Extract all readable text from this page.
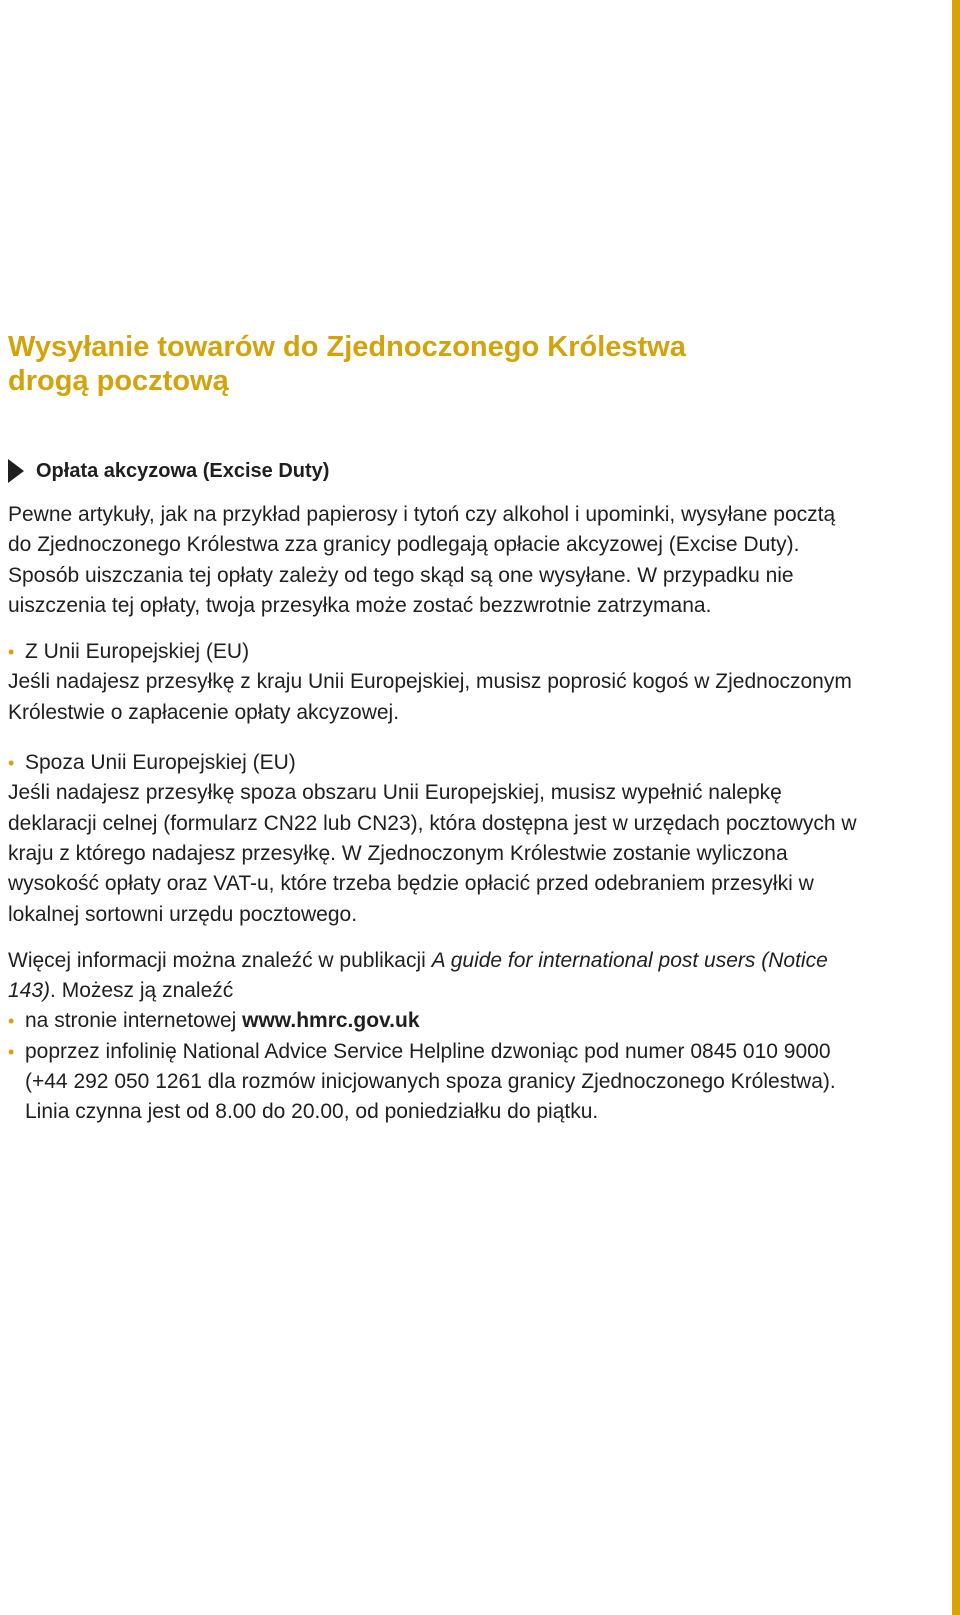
Wysyłanie towarów do Zjednoczonego Królestwa
drogą pocztową
Opłata akcyzowa (Excise Duty)

Pewne artykuły, jak na przykład papierosy i tytoń czy alkohol i upominki, wysyłane pocztą do Zjednoczonego Królestwa zza granicy podlegają opłacie akcyzowej (Excise Duty). Sposób uiszczania tej opłaty zależy od tego skąd są one wysyłane. W przypadku nie uiszczenia tej opłaty, twoja przesyłka może zostać bezzwrotnie zatrzymana.

• Z Unii Europejskiej (EU)

Jeśli nadajesz przesyłkę z kraju Unii Europejskiej, musisz poprosić kogoś w Zjednoczonym Królestwie o zapłacenie opłaty akcyzowej.

• Spoza Unii Europejskiej (EU)

Jeśli nadajesz przesyłkę spoza obszaru Unii Europejskiej, musisz wypełnić nalepkę deklaracji celnej (formularz CN22 lub CN23), która dostępna jest w urzędach pocztowych w kraju z którego nadajesz przesyłkę. W Zjednoczonym Królestwie zostanie wyliczona wysokość opłaty oraz VAT-u, które trzeba będzie opłacić przed odebraniem przesyłki w lokalnej sortowni urzędu pocztowego.

Więcej informacji można znaleźć w publikacji A guide for international post users (Notice 143). Możesz ją znaleźć

• na stronie internetowej www.hmrc.gov.uk
• poprzez infolinię National Advice Service Helpline dzwoniąc pod numer 0845 010 9000 (+44 292 050 1261 dla rozmów inicjowanych spoza granicy Zjednoczonego Królestwa). Linia czynna jest od 8.00 do 20.00, od poniedziałku do piątku.
